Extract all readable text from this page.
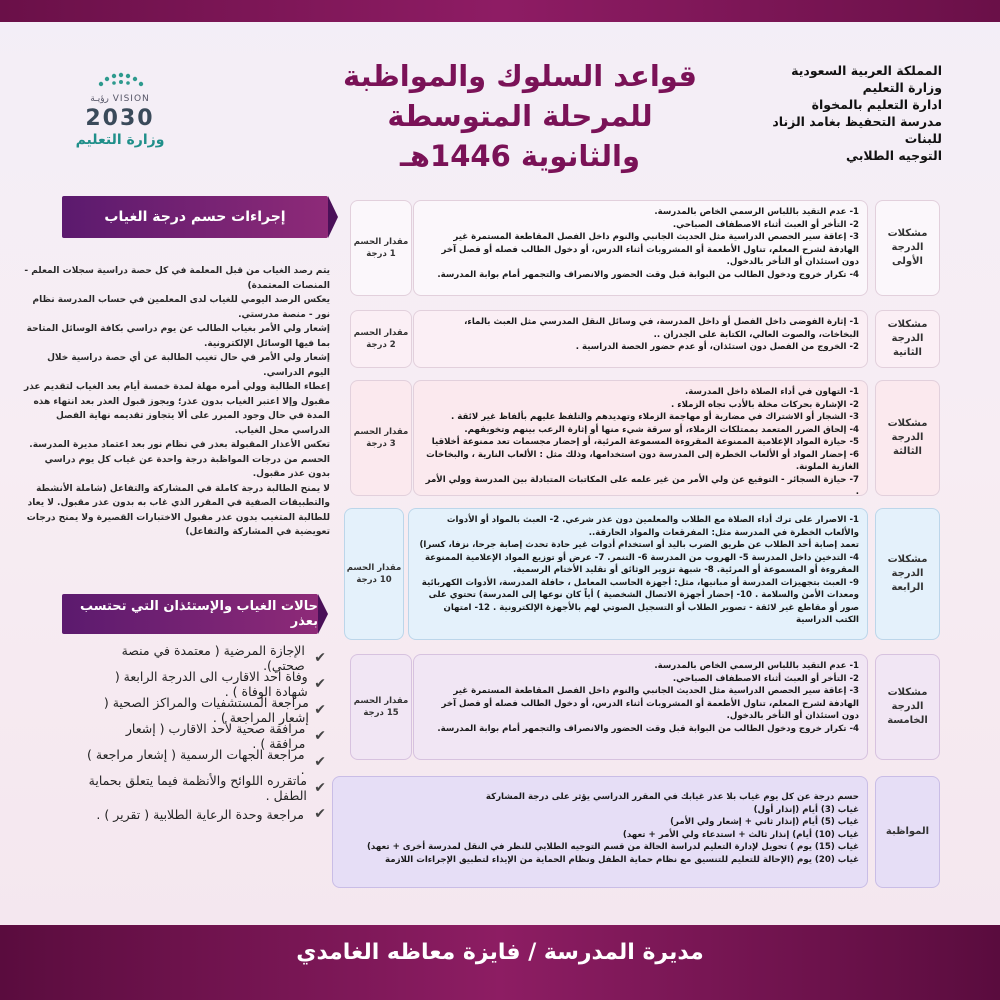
المملكة العربية السعودية
وزارة التعليم
ادارة التعليم بالمخواة
مدرسة التحفيظ بغامد الزناد للبنات
التوجيه الطلابي
قواعد السلوك والمواظبة
للمرحلة المتوسطة
والثانوية 1446هـ
VISION رؤيـة
2030
وزارة التعليم
مشكلات الدرجة الأولى
1- عدم التقيد باللباس الرسمي الخاص بالمدرسة.
2- التأخر أو العبث أثناء الاصطفاف الصباحي.
3- إعاقة سير الحصص الدراسية مثل الحديث الجانبي والنوم داخل الفصل المقاطعة المستمرة غير الهادفة لشرح المعلم، تناول الأطعمة أو المشروبات أثناء الدرس، أو دخول الطالب فصله أو فصل آخر دون استئذان أو التأخر بالدخول.
4- تكرار خروج ودخول الطالب من البوابة قبل وقت الحضور والانصراف والتجمهر أمام بوابة المدرسة.
مقدار الحسم 1 درجة
مشكلات الدرجة الثانية
1- إثارة الفوضى داخل الفصل أو داخل المدرسة، في وسائل النقل المدرسي مثل العبث بالماء، البخاخات، والصوت العالي، الكتابة على الجدران ..
2- الخروج من الفصل دون استئذان، أو عدم حضور الحصة الدراسية .
مقدار الحسم 2 درجة
مشكلات الدرجة الثالثة
1- التهاون في أداء الصلاة داخل المدرسة.
2- الإشارة بحركات مخلة بالأدب تجاه الزملاء .
3- الشجار أو الاشتراك في مضاربة أو مهاجمة الزملاء وتهديدهم والتلفظ عليهم بألفاظ غير لائقة .
4- إلحاق الضرر المتعمد بممتلكات الزملاء، أو سرقة شيء منها أو إثارة الرعب بينهم وتخويفهم.
5- حيازة المواد الإعلامية الممنوعة المقروءة المسموعة المرئية، أو إحضار مجسمات تعد ممنوعة أخلاقيا
6- إحضار المواد أو الألعاب الخطرة إلى المدرسة دون استخدامها، وذلك مثل : الألعاب النارية ، والبخاخات الغازية الملونة.
7- حيازة السجائر - التوقيع عن ولي الأمر من غير علمه على المكاتبات المتبادلة بين المدرسة وولي الأمر .
مقدار الحسم 3 درجة
مشكلات الدرجة الرابعة
1- الاصرار على ترك أداء الصلاة مع الطلاب والمعلمين دون عذر شرعي. 2- العبث بالمواد أو الأدوات والألعاب الخطرة في المدرسة مثل: المفرقعات والمواد الحارقة..
تعمد إصابة أحد الطلاب عن طريق الضرب باليد أو استخدام أدوات غير حادة تحدث إصابة جرحا، نزفا، كسرا) 4- التدخين داخل المدرسة 5- الهروب من المدرسة 6- التنمر. 7- عرض أو توزيع المواد الإعلامية الممنوعة المقروءة أو المسموعة أو المرئية. 8- شبهة تزوير الوثائق أو تقليد الأختام الرسمية.
9- العبث بتجهيزات المدرسة أو مبانيها، مثل: أجهزة الحاسب المعامل ، حافلة المدرسة، الأدوات الكهربائية ومعدات الأمن والسلامة . 10- إحضار أجهزة الاتصال الشخصية ) أياً كان نوعها إلى المدرسة) تحتوي على صور أو مقاطع غير لائقة - تصوير الطلاب أو التسجيل الصوتي لهم بالأجهزة الإلكترونية . 12- امتهان الكتب الدراسية
مقدار الحسم 10 درجة
مشكلات الدرجة الخامسة
1- عدم التقيد باللباس الرسمي الخاص بالمدرسة.
2- التأخر أو العبث أثناء الاصطفاف الصباحي.
3- إعاقة سير الحصص الدراسية مثل الحديث الجانبي والنوم داخل الفصل المقاطعة المستمرة غير الهادفة لشرح المعلم، تناول الأطعمة أو المشروبات أثناء الدرس، أو دخول الطالب فصله أو فصل آخر دون استئذان أو التأخر بالدخول.
4- تكرار خروج ودخول الطالب من البوابة قبل وقت الحضور والانصراف والتجمهر أمام بوابة المدرسة.
مقدار الحسم 15 درجة
المواظبة
حسم درجة عن كل يوم غياب بلا عذر غيابك في المقرر الدراسي يؤثر على درجة المشاركة
غياب (3) أيام (إنذار أول)
غياب (5) أيام (إنذار ثاني + إشعار ولي الأمر)
غياب (10) أيام) إنذار ثالث + استدعاء ولي الأمر + تعهد)
غياب (15) يوم ) تحويل لإدارة التعليم لدراسة الحالة من قسم التوجيه الطلابي للنظر في النقل لمدرسة أخرى + تعهد)
غياب (20) يوم (الإحالة للتعليم للتنسيق مع نظام حماية الطفل ونظام الحماية من الإيذاء لتطبيق الإجراءات اللازمة
إجراءات حسم درجة الغياب
يتم رصد الغياب من قبل المعلمة في كل حصة دراسية سجلات المعلم - المنصات المعتمدة)
يعكس الرصد اليومي للغياب لدى المعلمين في حساب المدرسة نظام نور - منصة مدرستي.
إشعار ولي الأمر بغياب الطالب عن يوم دراسي بكافة الوسائل المتاحة بما فيها الوسائل الإلكترونية.
إشعار ولي الأمر في حال تغيب الطالبة عن أي حصة دراسية خلال اليوم الدراسي.
إعطاء الطالبة وولي أمره مهلة لمدة خمسة أيام بعد الغياب لتقديم عذر مقبول وإلا اعتبر الغياب بدون عذر؛ ويجوز قبول العذر بعد انتهاء هذه المدة في حال وجود المبرر على ألا يتجاوز تقديمه نهاية الفصل الدراسي محل الغياب.
تعكس الأعذار المقبولة بعذر في نظام نور بعد اعتماد مديرة المدرسة. الحسم من درجات المواظبة درجة واحدة عن غياب كل يوم دراسي بدون عذر مقبول.
لا يمنح الطالبة درجة كاملة في المشاركة والتفاعل (شاملة الأنشطة والتطبيقات الصفية في المقرر الذي غاب به بدون عذر مقبول. لا يعاد للطالبة المتغيب بدون عذر مقبول الاختبارات القصيرة ولا يمنح درجات تعويضية في المشاركة والتفاعل)
حالات الغياب والإستئذان التي تحتسب بعذر
✔
الإجازة المرضية ( معتمدة في منصة صحتي).
✔
وفاة احد الاقارب الى الدرجة الرابعة ( شهادة الوفاة ) .
✔
مراجعة المستشفيات والمراكز الصحية ( إشعار المراجعة ) .
✔
مرافقة صحية لأحد الاقارب ( إشعار مرافقة ) .
✔
مراجعة الجهات الرسمية ( إشعار مراجعة ) .
✔
ماتقرره اللوائح والأنظمة فيما يتعلق بحماية الطفل .
✔
مراجعة وحدة الرعاية الطلابية ( تقرير ) .
مديرة المدرسة / فايزة معاظه الغامدي
